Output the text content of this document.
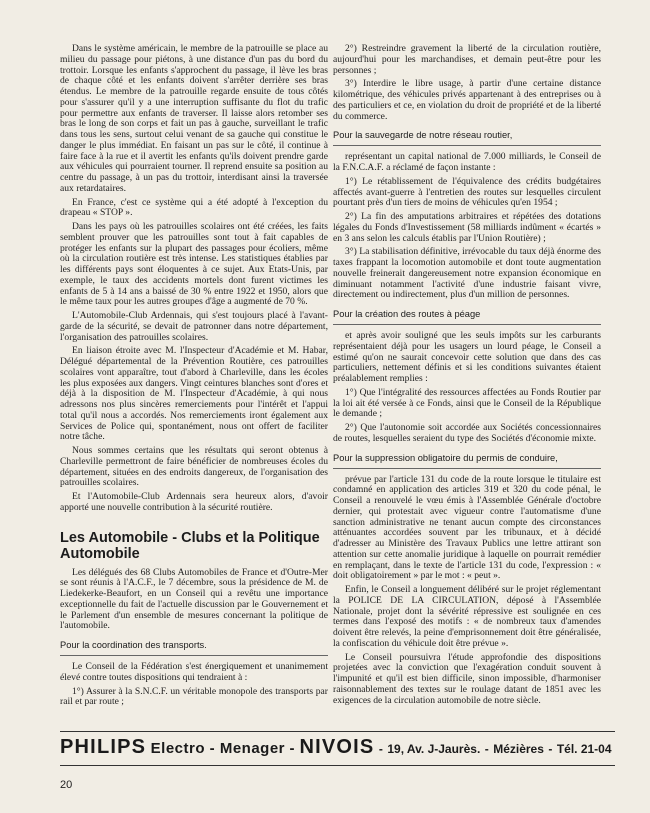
Dans le système américain, le membre de la patrouille se place au milieu du passage pour piétons, à une distance d'un pas du bord du trottoir. Lorsque les enfants s'approchent du passage, il lève les bras de chaque côté et les enfants doivent s'arrêter derrière ses bras étendus. Le membre de la patrouille regarde ensuite de tous côtés pour s'assurer qu'il y a une interruption suffisante du flot du trafic pour permettre aux enfants de traverser. Il laisse alors retomber ses bras le long de son corps et fait un pas à gauche, surveillant le trafic dans tous les sens, surtout celui venant de sa gauche qui constitue le danger le plus immédiat. En faisant un pas sur le côté, il continue à faire face à la rue et il avertit les enfants qu'ils doivent prendre garde aux véhicules qui pourraient tourner. Il reprend ensuite sa position au centre du passage, à un pas du trottoir, interdisant ainsi la traversée aux retardataires.

En France, c'est ce système qui a été adopté à l'exception du drapeau « STOP ».

Dans les pays où les patrouilles scolaires ont été créées, les faits semblent prouver que les patrouilles sont tout à fait capables de protéger les enfants sur la plupart des passages pour écoliers, même où la circulation routière est très intense. Les statistiques établies par les différents pays sont éloquentes à ce sujet. Aux Etats-Unis, par exemple, le taux des accidents mortels dont furent victimes les enfants de 5 à 14 ans a baissé de 30 % entre 1922 et 1950, alors que le même taux pour les autres groupes d'âge a augmenté de 70 %.

L'Automobile-Club Ardennais, qui s'est toujours placé à l'avant-garde de la sécurité, se devait de patronner dans notre département, l'organisation des patrouilles scolaires.

En liaison étroite avec M. l'Inspecteur d'Académie et M. Habar, Délégué départemental de la Prévention Routière, ces patrouilles scolaires vont apparaître, tout d'abord à Charleville, dans les écoles les plus exposées aux dangers. Vingt ceintures blanches sont d'ores et déjà à la disposition de M. l'Inspecteur d'Académie, à qui nous adressons nos plus sincères remerciements pour l'intérêt et l'appui total qu'il nous a accordés. Nos remerciements iront également aux Services de Police qui, spontanément, nous ont offert de faciliter notre tâche.

Nous sommes certains que les résultats qui seront obtenus à Charleville permettront de faire bénéficier de nombreuses écoles du département, situées en des endroits dangereux, de l'organisation des patrouilles scolaires.

Et l'Automobile-Club Ardennais sera heureux alors, d'avoir apporté une nouvelle contribution à la sécurité routière.

Les Automobile - Clubs et la Politique Automobile

Les délégués des 68 Clubs Automobiles de France et d'Outre-Mer se sont réunis à l'A.C.F., le 7 décembre, sous la présidence de M. de Liedekerke-Beaufort, en un Conseil qui a revêtu une importance exceptionnelle du fait de l'actuelle discussion par le Gouvernement et le Parlement d'un ensemble de mesures concernant la politique de l'automobile.

Pour la coordination des transports.

Le Conseil de la Fédération s'est énergiquement et unanimement élevé contre toutes dispositions qui tendraient à :

1°) Assurer à la S.N.C.F. un véritable monopole des transports par rail et par route ;

2°) Restreindre gravement la liberté de la circulation routière, aujourd'hui pour les marchandises, et demain peut-être pour les personnes ;

3°) Interdire le libre usage, à partir d'une certaine distance kilométrique, des véhicules privés appartenant à des entreprises ou à des particuliers et ce, en violation du droit de propriété et de la liberté du commerce.

Pour la sauvegarde de notre réseau routier,

représentant un capital national de 7.000 milliards, le Conseil de la F.N.C.A.F. a réclamé de façon instante :

1°) Le rétablissement de l'équivalence des crédits budgétaires affectés avant-guerre à l'entretien des routes sur lesquelles circulent pourtant près d'un tiers de moins de véhicules qu'en 1954 ;

2°) La fin des amputations arbitraires et répétées des dotations légales du Fonds d'Investissement (58 milliards indûment « écartés » en 3 ans selon les calculs établis par l'Union Routière) ;

3°) La stabilisation définitive, irrévocable du taux déjà énorme des taxes frappant la locomotion automobile et dont toute augmentation nouvelle freinerait dangereusement notre expansion économique en diminuant notamment l'activité d'une industrie faisant vivre, directement ou indirectement, plus d'un million de personnes.

Pour la création des routes à péage

et après avoir souligné que les seuls impôts sur les carburants représentaient déjà pour les usagers un lourd péage, le Conseil a estimé qu'on ne saurait concevoir cette solution que dans des cas particuliers, nettement définis et si les conditions suivantes étaient préalablement remplies :

1°) Que l'intégralité des ressources affectées au Fonds Routier par la loi ait été versée à ce Fonds, ainsi que le Conseil de la République le demande ;

2°) Que l'autonomie soit accordée aux Sociétés concessionnaires de routes, lesquelles seraient du type des Sociétés d'économie mixte.

Pour la suppression obligatoire du permis de conduire,

prévue par l'article 131 du code de la route lorsque le titulaire est condamné en application des articles 319 et 320 du code pénal, le Conseil a renouvelé le vœu émis à l'Assemblée Générale d'octobre dernier, qui protestait avec vigueur contre l'automatisme d'une sanction administrative ne tenant aucun compte des circonstances atténuantes accordées souvent par les tribunaux, et à décidé d'adresser au Ministère des Travaux Publics une lettre attirant son attention sur cette anomalie juridique à laquelle on pourrait remédier en remplaçant, dans le texte de l'article 131 du code, l'expression : « doit obligatoirement » par le mot : « peut ».

Enfin, le Conseil a longuement délibéré sur le projet réglementant la POLICE DE LA CIRCULATION, déposé à l'Assemblée Nationale, projet dont la sévérité répressive est soulignée en ces termes dans l'exposé des motifs : « de nombreux taux d'amendes doivent être relevés, la peine d'emprisonnement doit être généralisée, la confiscation du véhicule doit être prévue ».

Le Conseil poursuivra l'étude approfondie des dispositions projetées avec la conviction que l'exagération conduit souvent à l'impunité et qu'il est bien difficile, sinon impossible, d'harmoniser raisonnablement des textes sur le roulage datant de 1851 avec les exigences de la circulation automobile de notre siècle.

PHILIPS Electro - Menager - NIVOIS - 19, Av. J-Jaurès. - Mézières - Tél. 21-04
20
